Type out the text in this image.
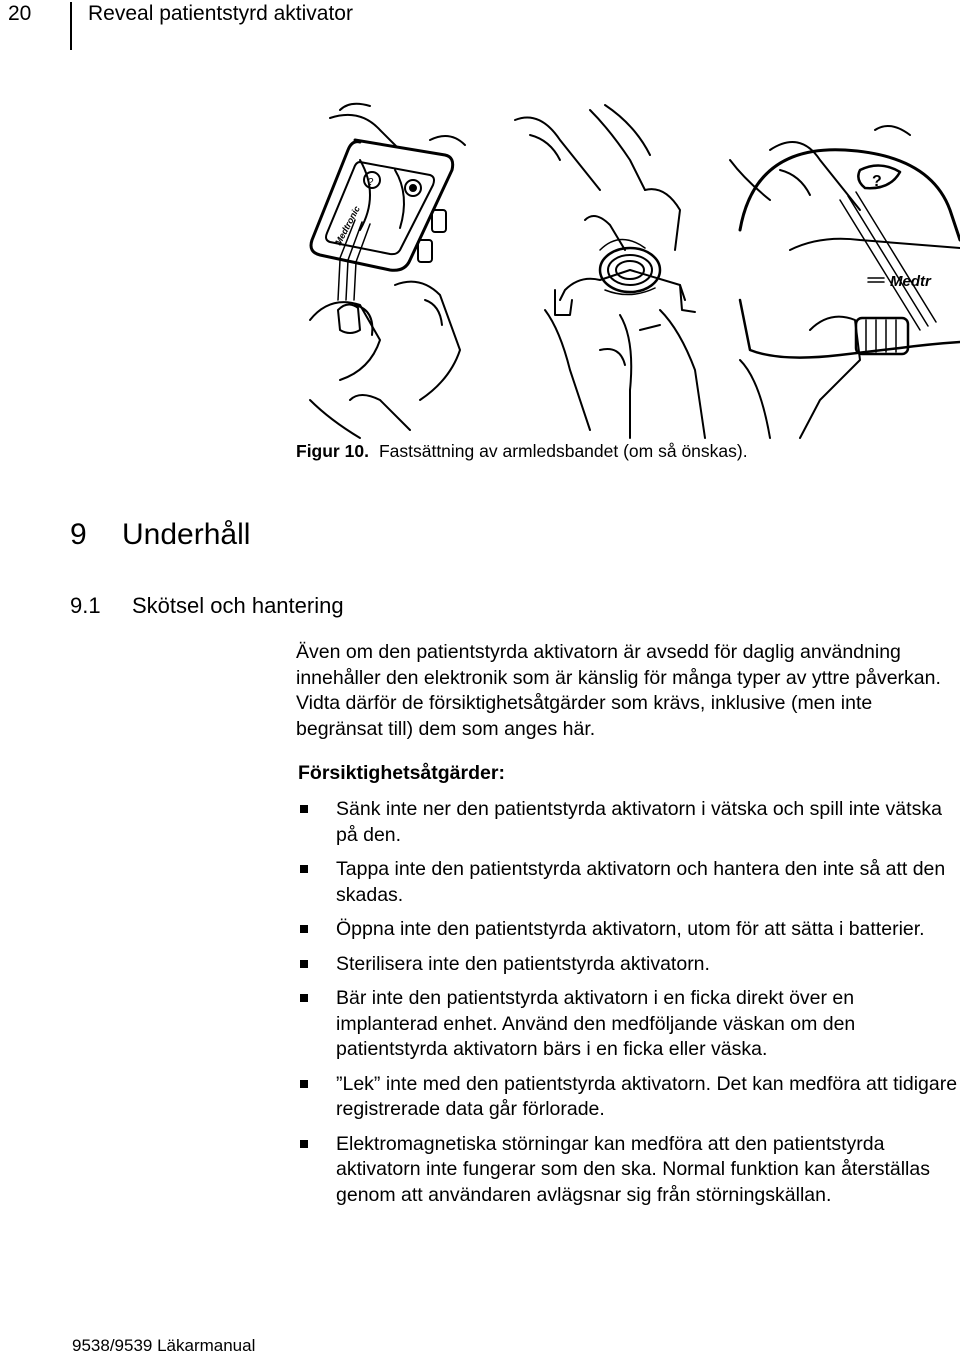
20	Reveal patientstyrd aktivator
?
Medtronic
?
Medtr
Figur 10. Fastsättning av armledsbandet (om så önskas).
9 Underhåll
9.1 Skötsel och hantering

Även om den patientstyrda aktivatorn är avsedd för daglig användning innehåller den elektronik som är känslig för många typer av yttre påverkan. Vidta därför de försiktighetsåtgärder som krävs, inklusive (men inte begränsat till) dem som anges här.

Försiktighetsåtgärder:
Sänk inte ner den patientstyrda aktivatorn i vätska och spill inte vätska på den.
Tappa inte den patientstyrda aktivatorn och hantera den inte så att den skadas.
Öppna inte den patientstyrda aktivatorn, utom för att sätta i batterier.
Sterilisera inte den patientstyrda aktivatorn.
Bär inte den patientstyrda aktivatorn i en ficka direkt över en implanterad enhet. Använd den medföljande väskan om den patientstyrda aktivatorn bärs i en ficka eller väska.
”Lek” inte med den patientstyrda aktivatorn. Det kan medföra att tidigare registrerade data går förlorade.
Elektromagnetiska störningar kan medföra att den patientstyrda aktivatorn inte fungerar som den ska. Normal funktion kan återställas genom att användaren avlägsnar sig från störningskällan.
9538/9539 Läkarmanual
